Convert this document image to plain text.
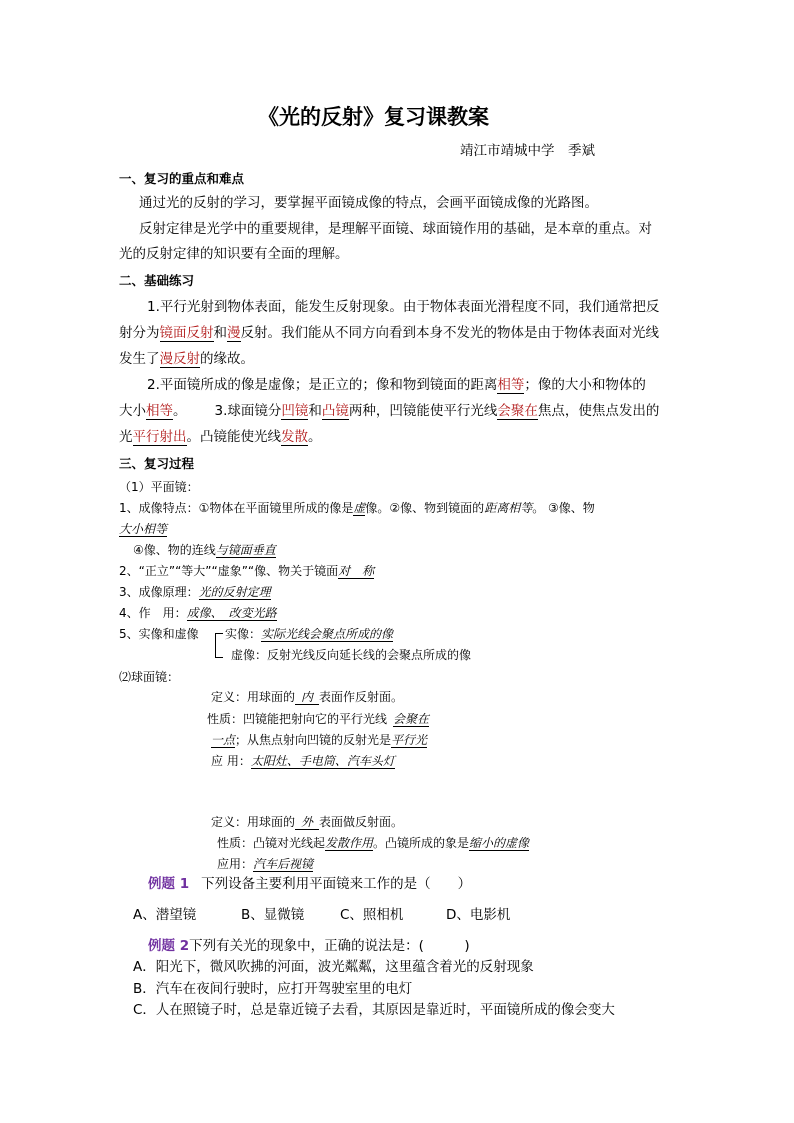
《光的反射》复习课教案
靖江市靖城中学　季斌
一、复习的重点和难点
通过光的反射的学习，要掌握平面镜成像的特点，会画平面镜成像的光路图。
反射定律是光学中的重要规律，是理解平面镜、球面镜作用的基础，是本章的重点。对
光的反射定律的知识要有全面的理解。
二、基础练习
1.平行光射到物体表面，能发生反射现象。由于物体表面光滑程度不同，我们通常把反
射分为镜面反射和漫反射。我们能从不同方向看到本身不发光的物体是由于物体表面对光线
发生了漫反射的缘故。
2.平面镜所成的像是虚像；是正立的；像和物到镜面的距离相等；像的大小和物体的
大小相等。 3.球面镜分凹镜和凸镜两种，凹镜能使平行光线会聚在焦点，使焦点发出的
光平行射出。凸镜能使光线发散。
三、复习过程
（1）平面镜：
1、成像特点：①物体在平面镜里所成的像是虚像。②像、物到镜面的距离相等。 ③像、物
大小相等
④像、物的连线与镜面垂直
2、“正立”“等大”“虚象”“像、物关于镜面对　称
3、成像原理：光的反射定理
4、作　用：成像、　改变光路
5、实像和虚像 实像：实际光线会聚点所成的像
虚像：反射光线反向延长线的会聚点所成的像
⑵球面镜：
定义：用球面的 内 表面作反射面。
性质：凹镜能把射向它的平行光线 会聚在
一点；从焦点射向凹镜的反射光是平行光
应 用：太阳灶、手电筒、汽车头灯
定义：用球面的 外 表面做反射面。
性质：凸镜对光线起发散作用。凸镜所成的象是缩小的虚像
应用：汽车后视镜
例题 1 下列设备主要利用平面镜来工作的是（　　）
A、潜望镜	B、显微镜	C、照相机	D、电影机
例题 2下列有关光的现象中，正确的说法是：(　　　)
A．阳光下，微风吹拂的河面，波光粼粼，这里蕴含着光的反射现象
B．汽车在夜间行驶时，应打开驾驶室里的电灯
C．人在照镜子时，总是靠近镜子去看，其原因是靠近时，平面镜所成的像会变大
